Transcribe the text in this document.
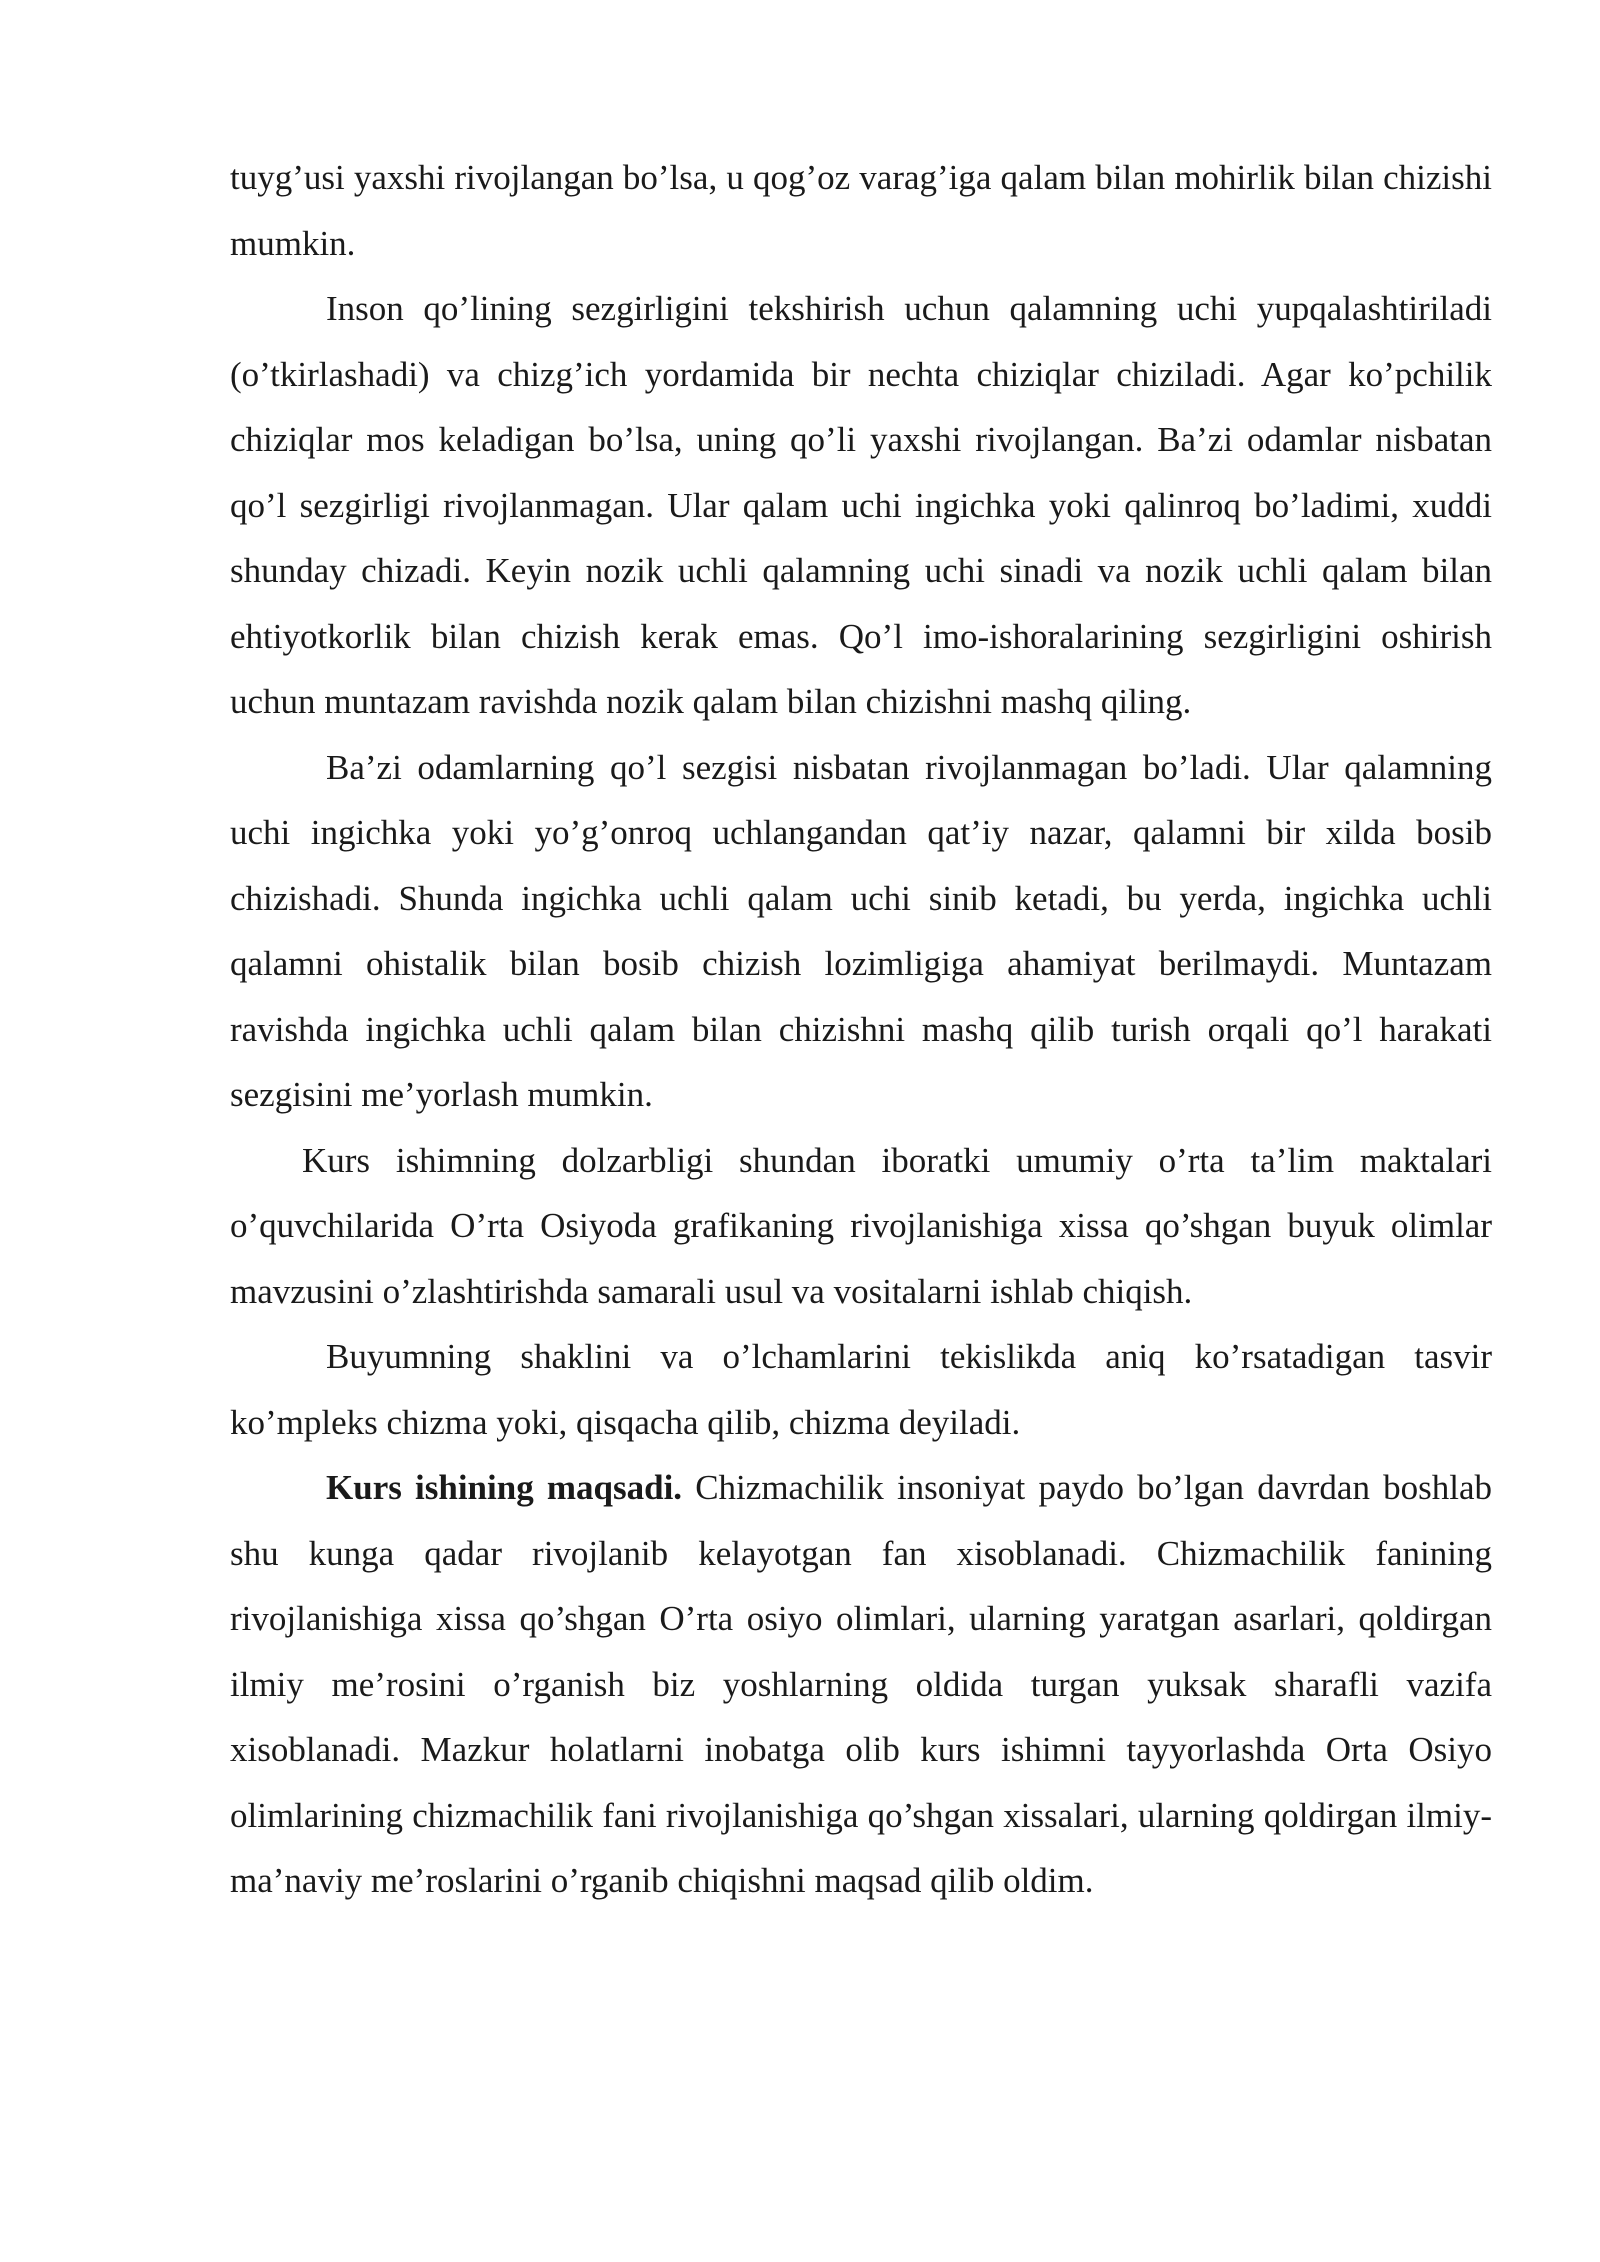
tuyg’usi yaxshi rivojlangan bo’lsa, u qog’oz varag’iga qalam bilan mohirlik bilan chizishi mumkin.

Inson qo’lining sezgirligini tekshirish uchun qalamning uchi yupqalashtiriladi (o’tkirlashadi) va chizg’ich yordamida bir nechta chiziqlar chiziladi. Agar ko’pchilik chiziqlar mos keladigan bo’lsa, uning qo’li yaxshi rivojlangan. Ba’zi odamlar nisbatan qo’l sezgirligi rivojlanmagan. Ular qalam uchi ingichka yoki qalinroq bo’ladimi, xuddi shunday chizadi. Keyin nozik uchli qalamning uchi sinadi va nozik uchli qalam bilan ehtiyotkorlik bilan chizish kerak emas. Qo’l imo-ishoralarining sezgirligini oshirish uchun muntazam ravishda nozik qalam bilan chizishni mashq qiling.

Ba’zi odamlarning qo’l sezgisi nisbatan rivojlanmagan bo’ladi. Ular qalamning uchi ingichka yoki yo’g’onroq uchlangandan qat’iy nazar, qalamni bir xilda bosib chizishadi. Shunda ingichka uchli qalam uchi sinib ketadi, bu yerda, ingichka uchli qalamni ohistalik bilan bosib chizish lozimligiga ahamiyat berilmaydi. Muntazam ravishda ingichka uchli qalam bilan chizishni mashq qilib turish orqali qo’l harakati sezgisini me’yorlash mumkin.

Kurs ishimning dolzarbligi shundan iboratki umumiy o’rta ta’lim maktalari o’quvchilarida O’rta Osiyoda grafikaning rivojlanishiga xissa qo’shgan buyuk olimlar mavzusini o’zlashtirishda samarali usul va vositalarni ishlab chiqish.

Buyumning shaklini va o’lchamlarini tekislikda aniq ko’rsatadigan tasvir ko’mpleks chizma yoki, qisqacha qilib, chizma deyiladi.

Kurs ishining maqsadi. Chizmachilik insoniyat paydo bo’lgan davrdan boshlab shu kunga qadar rivojlanib kelayotgan fan xisoblanadi. Chizmachilik fanining rivojlanishiga xissa qo’shgan O’rta osiyo olimlari, ularning yaratgan asarlari, qoldirgan ilmiy me’rosini o’rganish biz yoshlarning oldida turgan yuksak sharafli vazifa xisoblanadi. Mazkur holatlarni inobatga olib kurs ishimni tayyorlashda Orta Osiyo olimlarining chizmachilik fani rivojlanishiga qo’shgan xissalari, ularning qoldirgan ilmiy-ma’naviy me’roslarini o’rganib chiqishni maqsad qilib oldim.
